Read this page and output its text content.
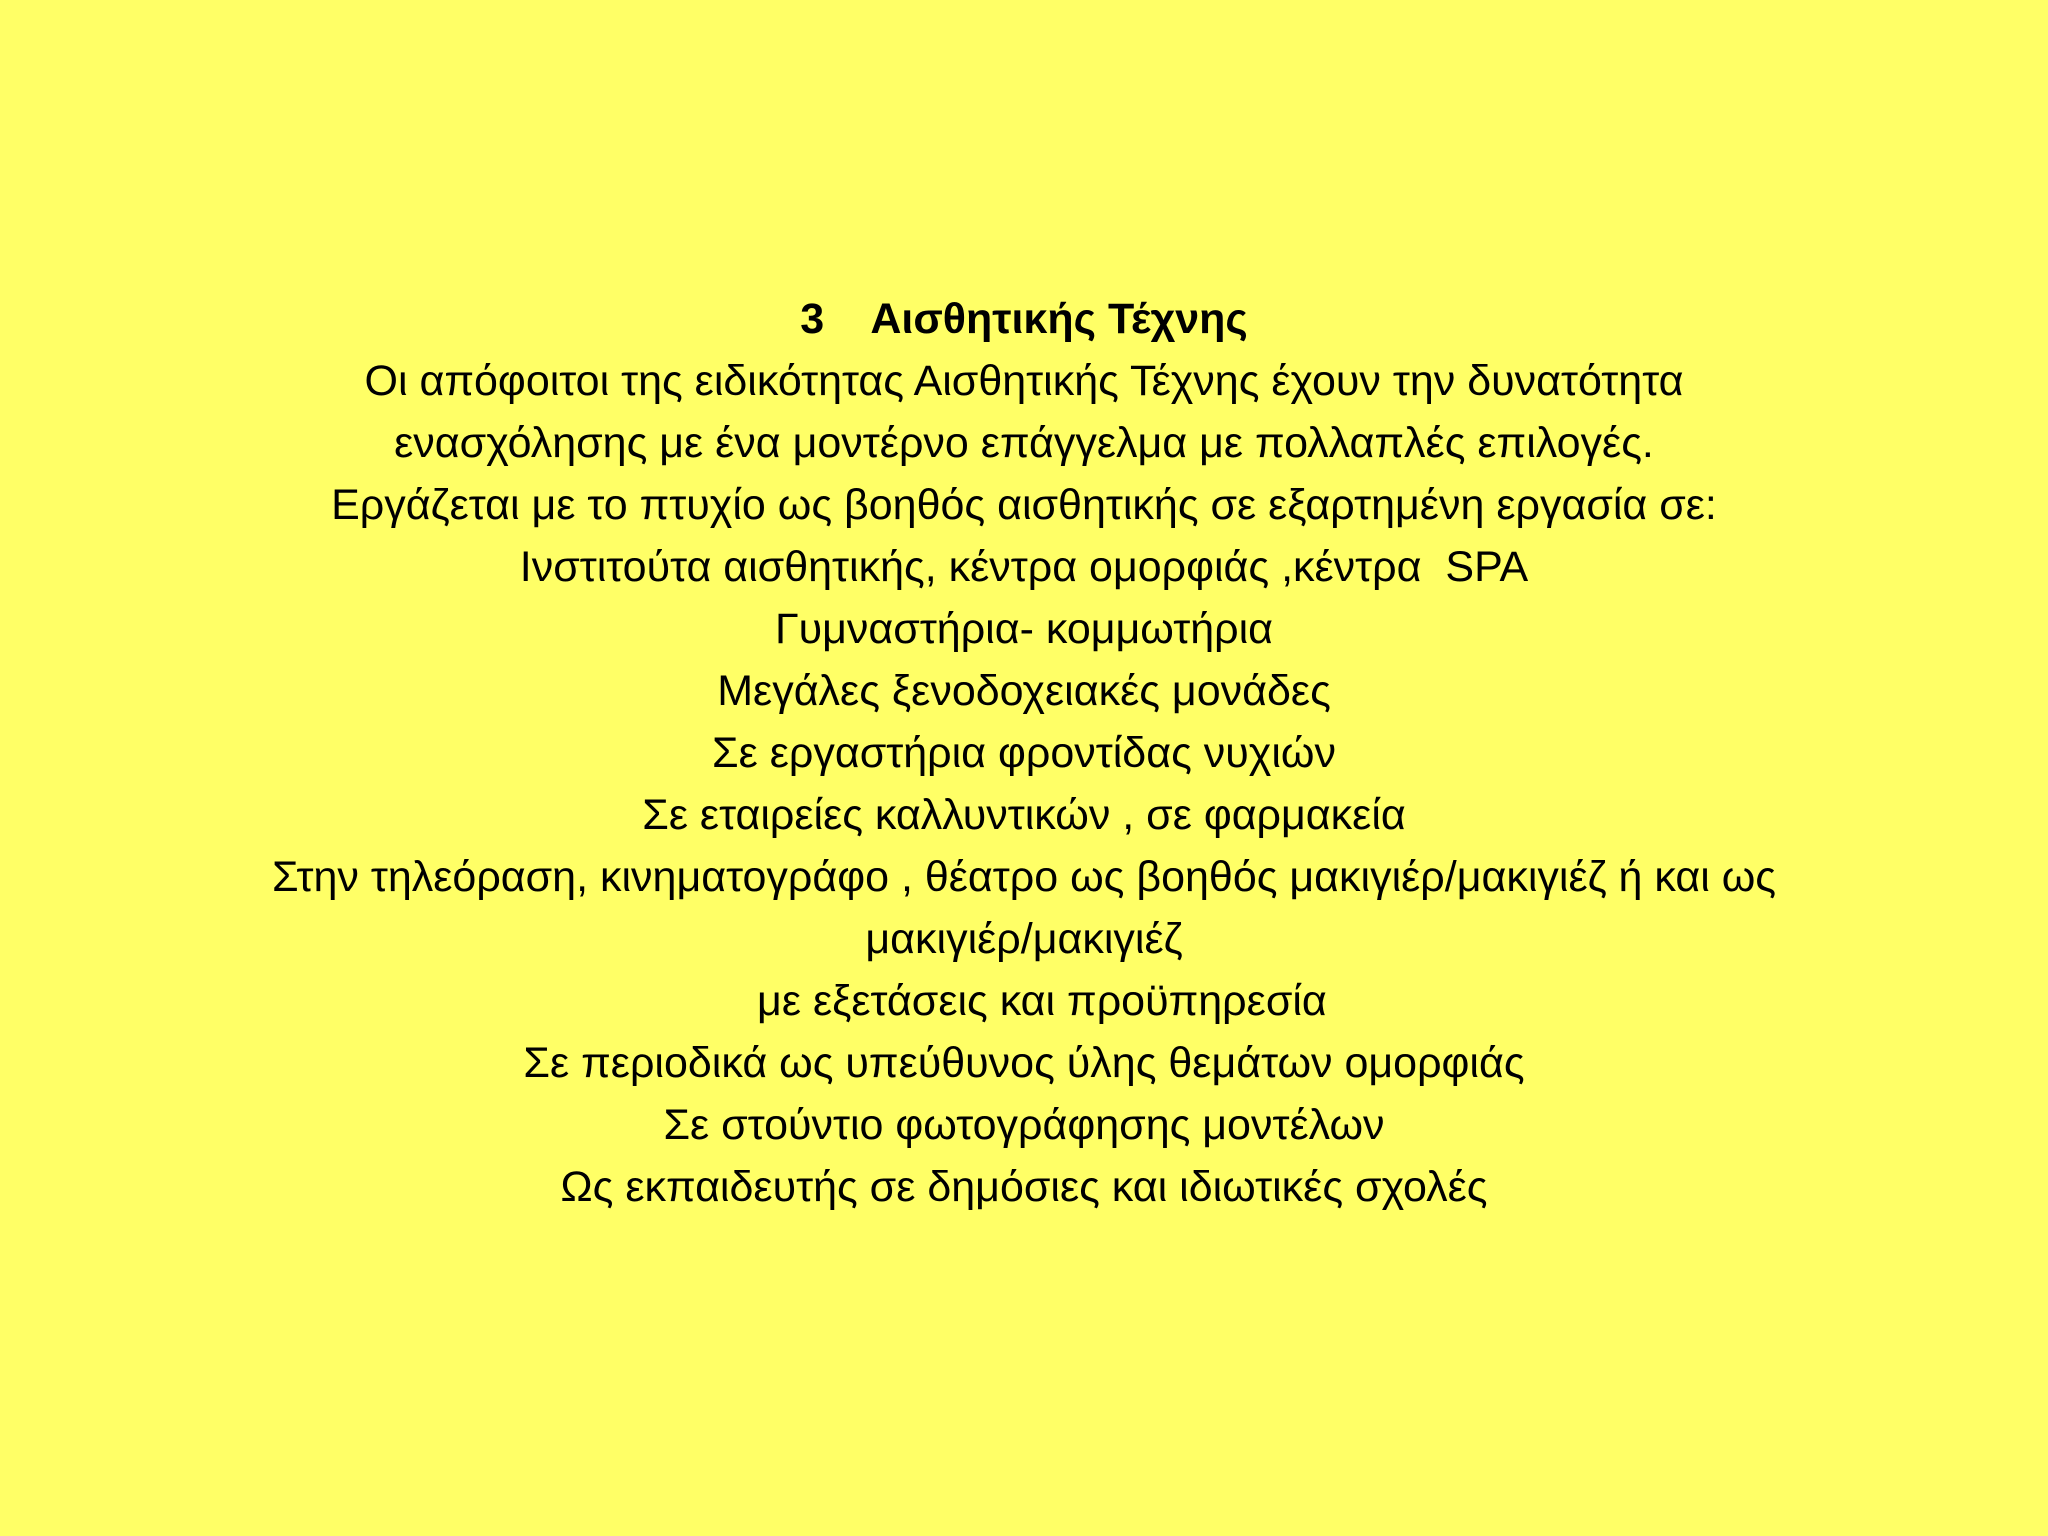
3 Αισθητικής Τέχνης
Οι απόφοιτοι της ειδικότητας Αισθητικής Τέχνης έχουν την δυνατότητα
ενασχόλησης με ένα μοντέρνο επάγγελμα με πολλαπλές επιλογές.
Εργάζεται με το πτυχίο ως βοηθός αισθητικής σε εξαρτημένη εργασία σε:
Ινστιτούτα αισθητικής, κέντρα ομορφιάς ,κέντρα  SPA
Γυμναστήρια- κομμωτήρια
Μεγάλες ξενοδοχειακές μονάδες
Σε εργαστήρια φροντίδας νυχιών
Σε εταιρείες καλλυντικών , σε φαρμακεία
Στην τηλεόραση, κινηματογράφο , θέατρο ως βοηθός μακιγιέρ/μακιγιέζ ή και ως
μακιγιέρ/μακιγιέζ
με εξετάσεις και προϋπηρεσία
Σε περιοδικά ως υπεύθυνος ύλης θεμάτων ομορφιάς
Σε στούντιο φωτογράφησης μοντέλων
Ως εκπαιδευτής σε δημόσιες και ιδιωτικές σχολές
